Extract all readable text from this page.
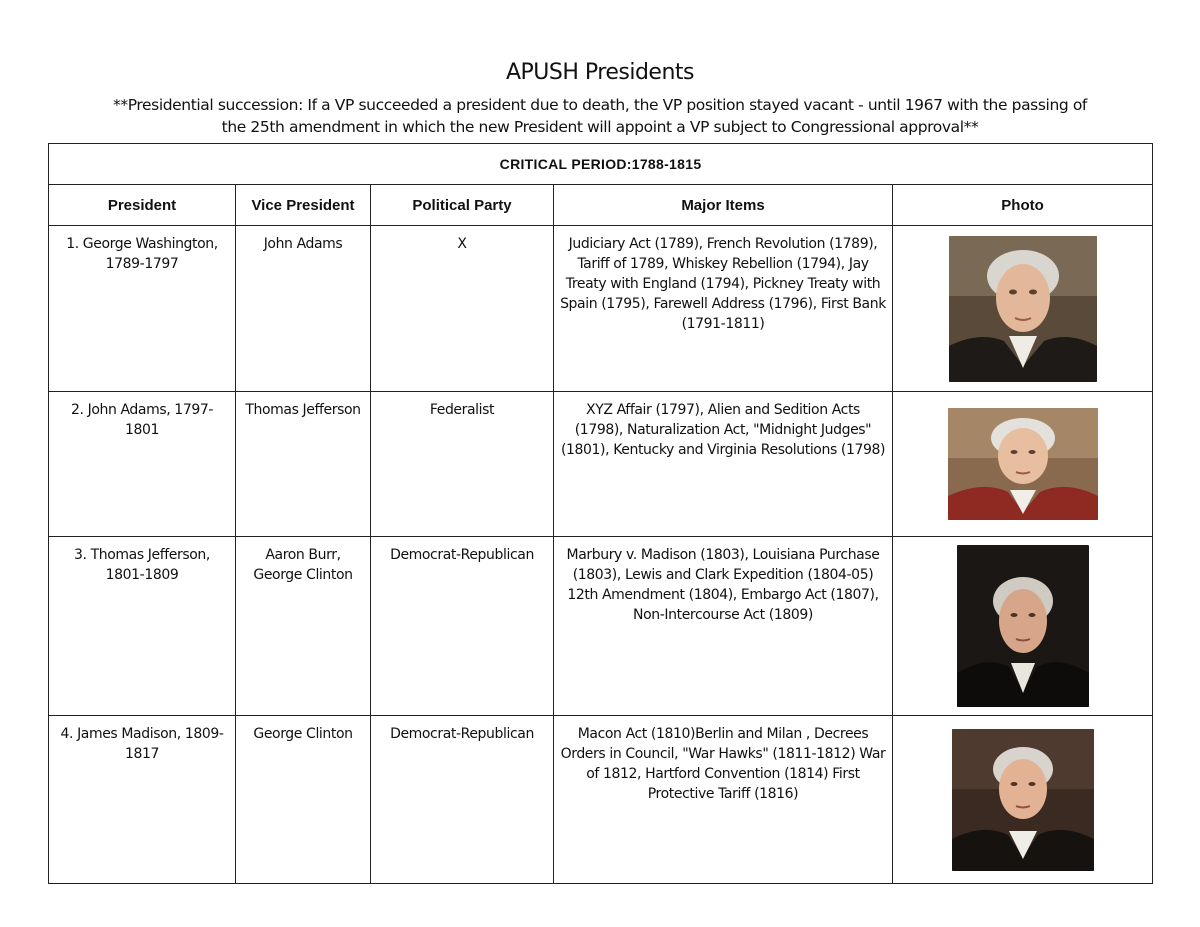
APUSH Presidents
**Presidential succession: If a VP succeeded a president due to death, the VP position stayed vacant - until 1967 with the passing of the 25th amendment in which the new President will appoint a VP subject to Congressional approval**
CRITICAL PERIOD:1788-1815				
President	Vice President	Political Party	Major Items	Photo
1. George Washington, 1789-1797	John Adams	X	Judiciary Act (1789), French Revolution (1789), Tariff of 1789, Whiskey Rebellion (1794), Jay Treaty with England (1794), Pickney Treaty with Spain (1795), Farewell Address (1796), First Bank (1791-1811)	

2. John Adams, 1797-1801	Thomas Jefferson	Federalist	XYZ Affair (1797), Alien and Sedition Acts (1798), Naturalization Act, "Midnight Judges" (1801), Kentucky and Virginia Resolutions (1798)	

3. Thomas Jefferson, 1801-1809	Aaron Burr, George Clinton	Democrat-Republican	Marbury v. Madison (1803), Louisiana Purchase (1803), Lewis and Clark Expedition (1804-05) 12th Amendment (1804), Embargo Act (1807), Non-Intercourse Act (1809)	

4. James Madison, 1809-1817	George Clinton	Democrat-Republican	Macon Act (1810)Berlin and Milan , Decrees Orders in Council, "War Hawks" (1811-1812) War of 1812, Hartford Convention (1814) First Protective Tariff (1816)	
